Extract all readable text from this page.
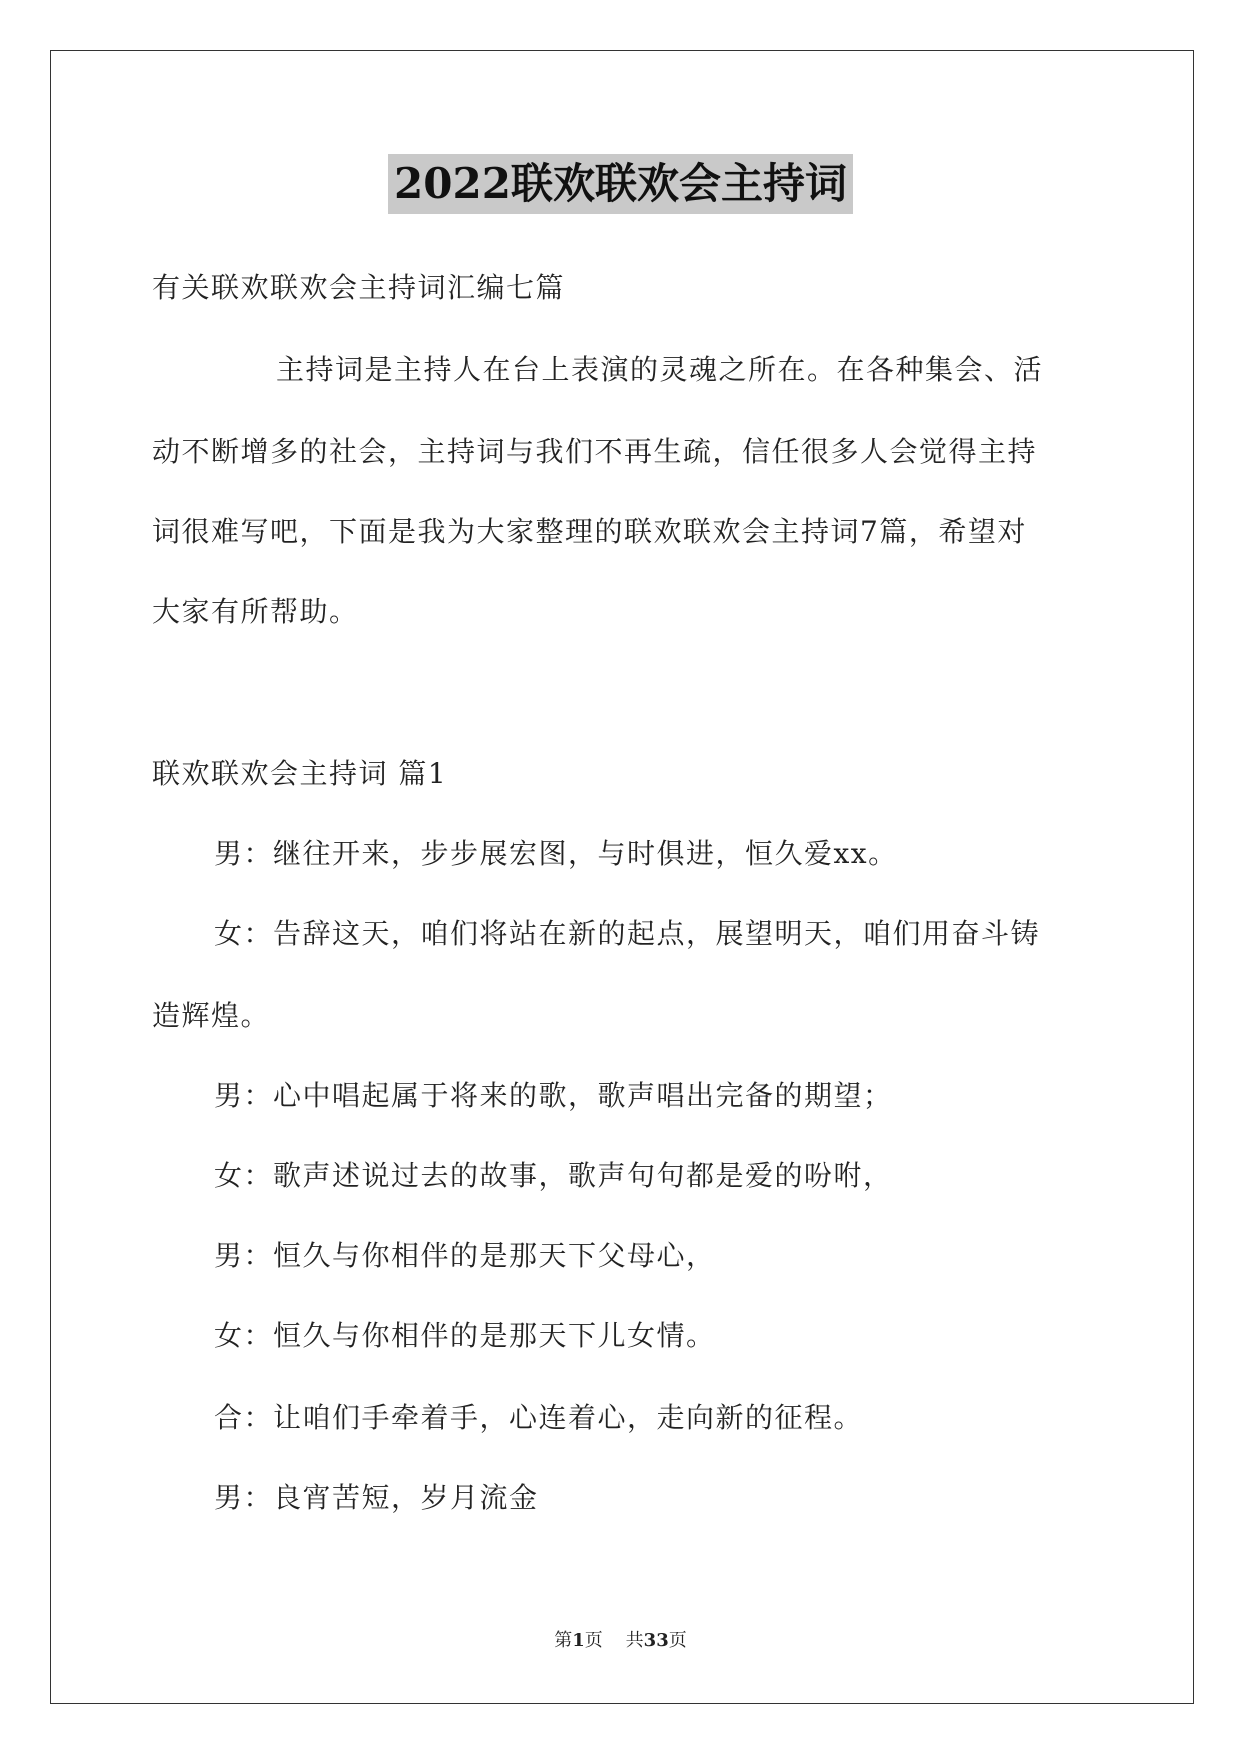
2022联欢联欢会主持词
有关联欢联欢会主持词汇编七篇
主持词是主持人在台上表演的灵魂之所在。在各种集会、活
动不断增多的社会，主持词与我们不再生疏，信任很多人会觉得主持
词很难写吧，下面是我为大家整理的联欢联欢会主持词7篇，希望对
大家有所帮助。
联欢联欢会主持词 篇1
男：继往开来，步步展宏图，与时俱进，恒久爱xx。
女：告辞这天，咱们将站在新的起点，展望明天，咱们用奋斗铸
造辉煌。
男：心中唱起属于将来的歌，歌声唱出完备的期望；
女：歌声述说过去的故事，歌声句句都是爱的吩咐，
男：恒久与你相伴的是那天下父母心，
女：恒久与你相伴的是那天下儿女情。
合：让咱们手牵着手，心连着心，走向新的征程。
男：良宵苦短，岁月流金
第1页    共33页
